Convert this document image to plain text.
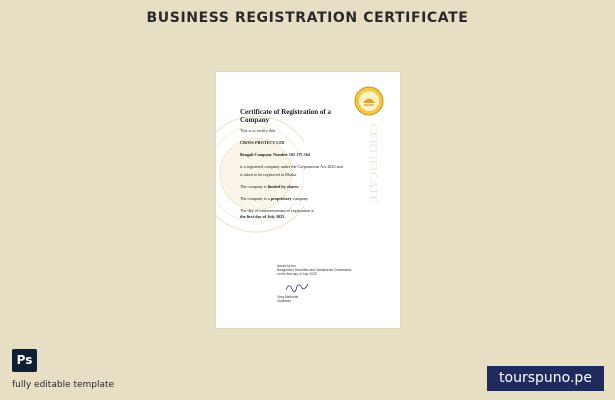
BUSINESS REGISTRATION CERTIFICATE
CERTIFICATE
Certificate of Registration of a Company
This is to certify that
CROSS PROTECT LTD
Bengali Company Number 165 175 564
is a registered company under the Corporations Act 2025 and
is taken to be registered in Dhaka.
The company is limited by shares.
The company is a proprietary company.
The day of commencement of registration is
the first day of July 2025.
Issued by the
Bangladesh Securities and Investments Commission
on the first day of July, 2025
Greg Medonah
Chairman
Ps
fully editable template	tourspuno.pe
